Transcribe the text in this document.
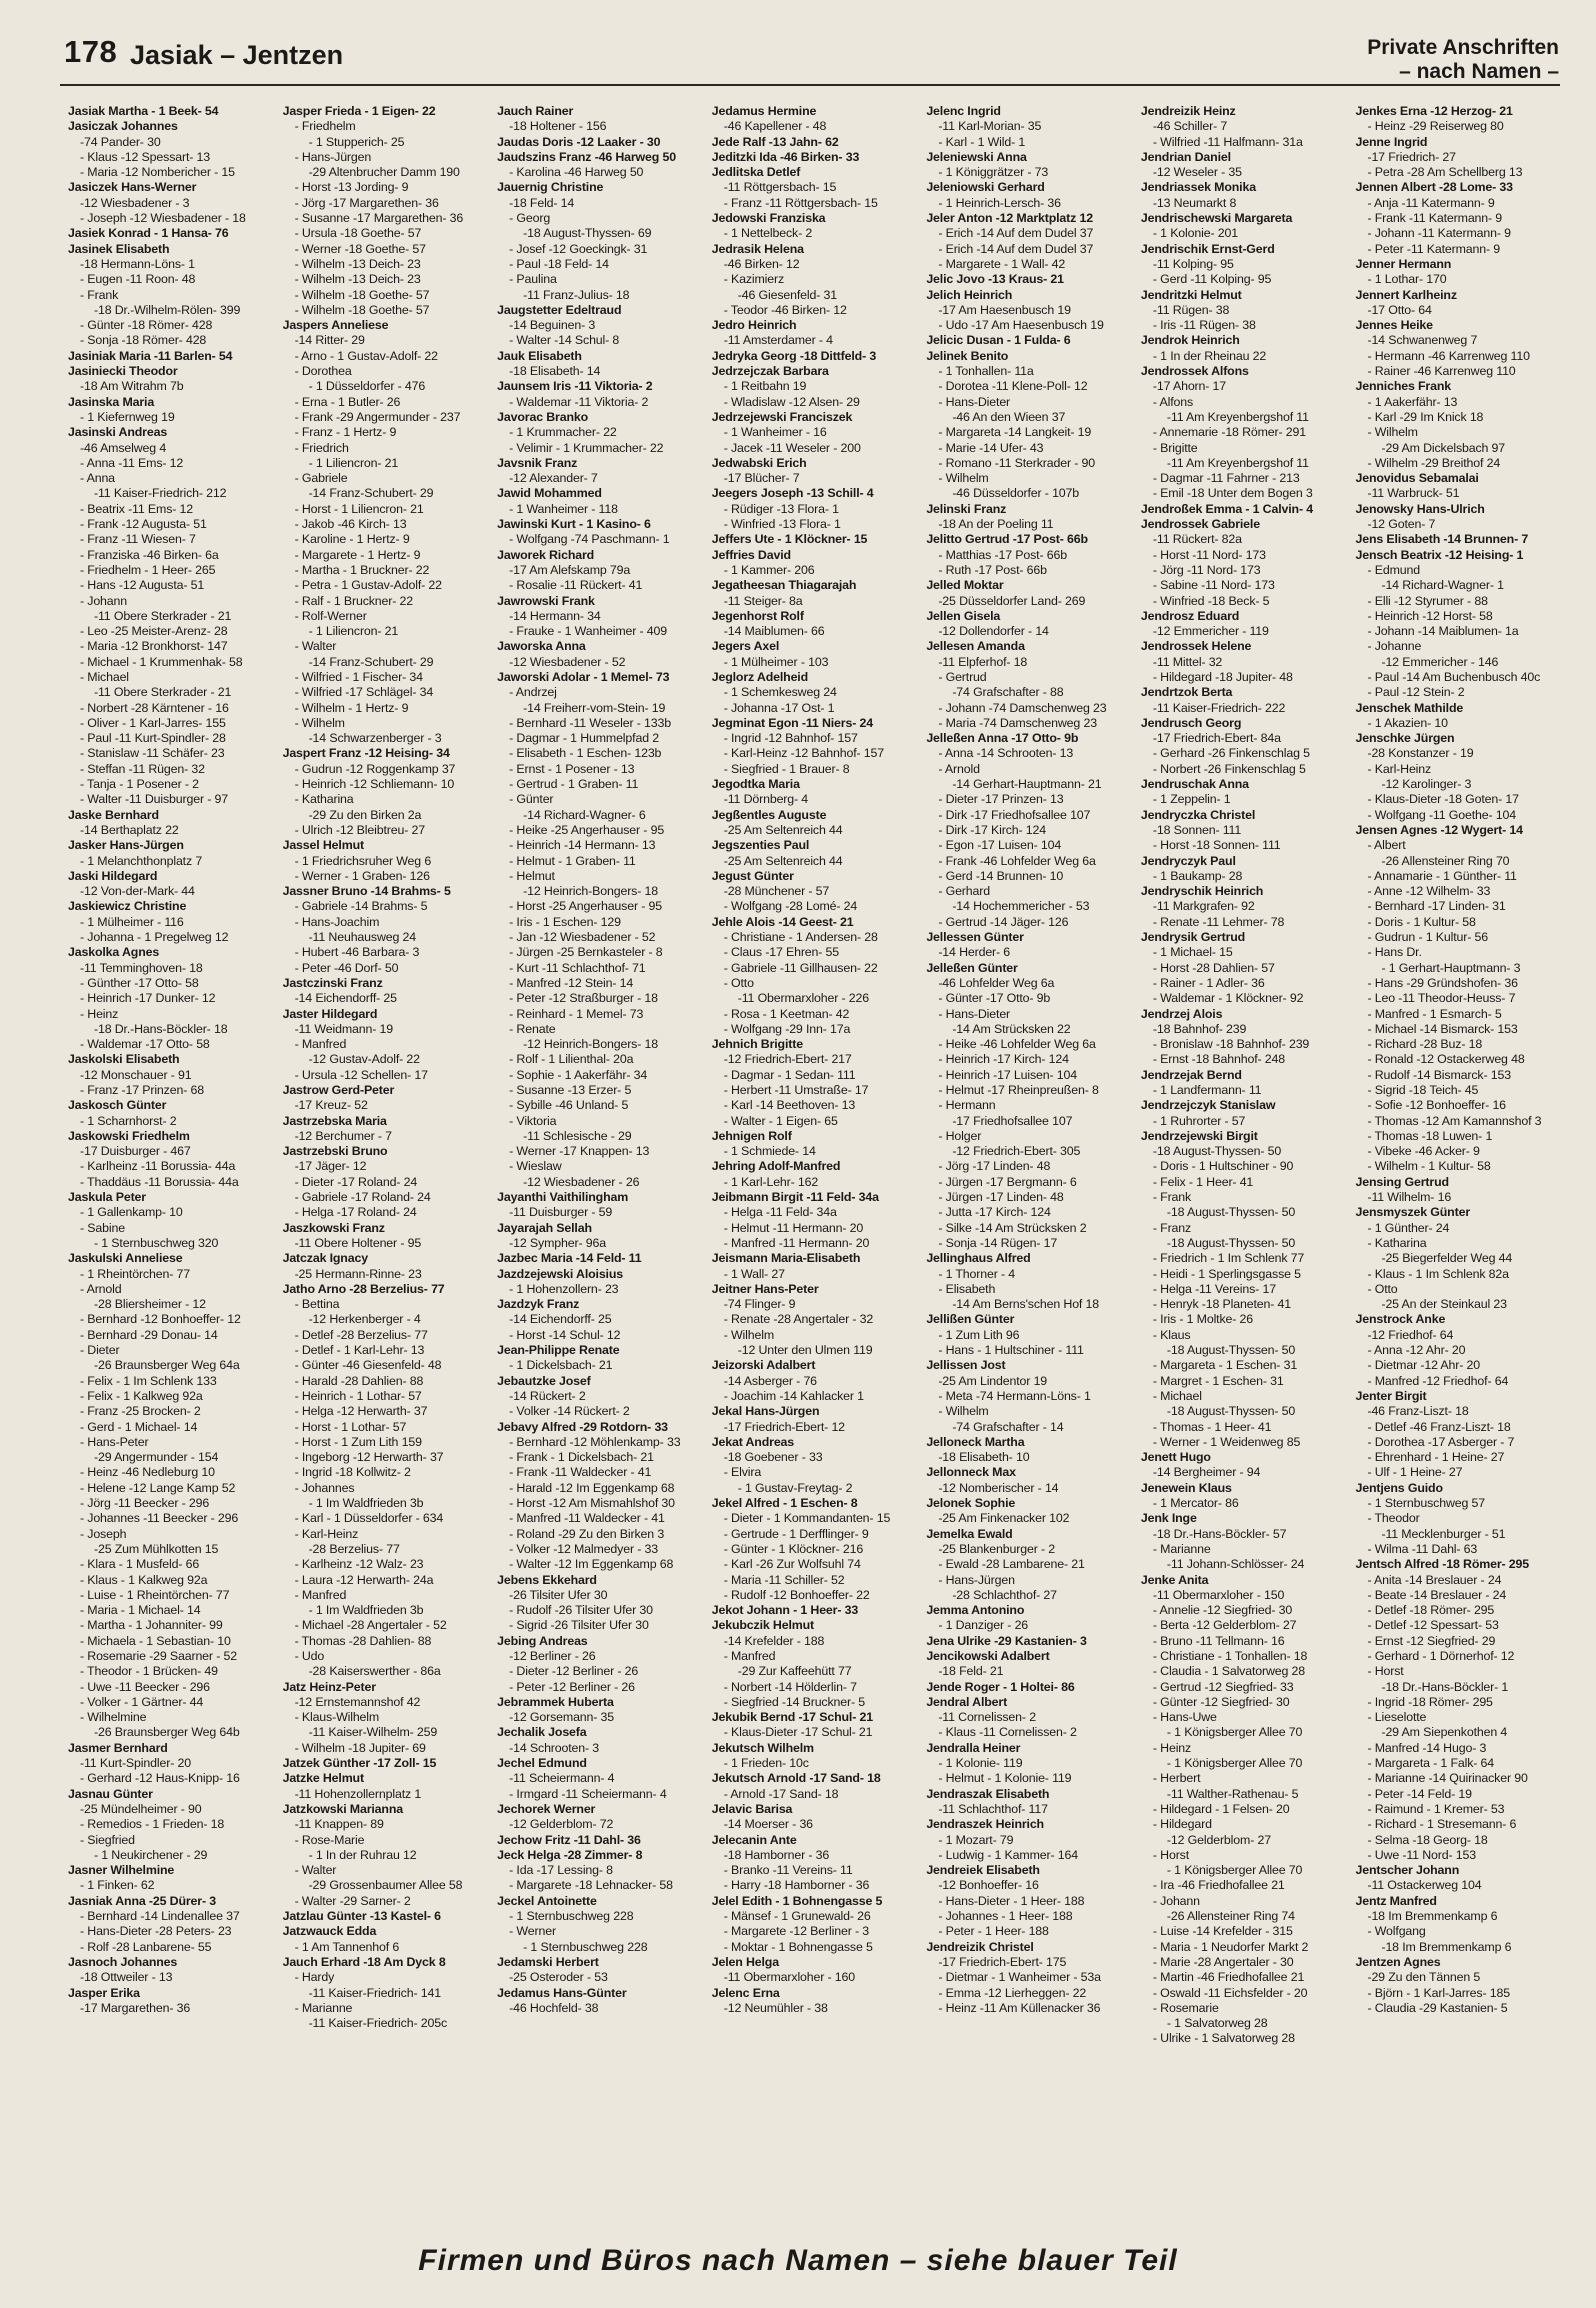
178 Jasiak – Jentzen	Private Anschriften
– nach Namen –
Jasiak Martha - 1 Beek- 54
Jasiczak Johannes
-74 Pander- 30
- Klaus -12 Spessart- 13
- Maria -12 Nombericher - 15
Jasiczek Hans-Werner
-12 Wiesbadener - 3
- Joseph -12 Wiesbadener - 18
Jasiek Konrad - 1 Hansa- 76
Jasinek Elisabeth
-18 Hermann-Löns- 1
- Eugen -11 Roon- 48
- Frank
-18 Dr.-Wilhelm-Rölen- 399
- Günter -18 Römer- 428
- Sonja -18 Römer- 428
Jasiniak Maria -11 Barlen- 54
Jasiniecki Theodor
-18 Am Witrahm 7b
Jasinska Maria
- 1 Kiefernweg 19
Jasinski Andreas
-46 Amselweg 4
- Anna -11 Ems- 12
- Anna
-11 Kaiser-Friedrich- 212
- Beatrix -11 Ems- 12
- Frank -12 Augusta- 51
- Franz -11 Wiesen- 7
- Franziska -46 Birken- 6a
- Friedhelm - 1 Heer- 265
- Hans -12 Augusta- 51
- Johann
-11 Obere Sterkrader - 21
- Leo -25 Meister-Arenz- 28
- Maria -12 Bronkhorst- 147
- Michael - 1 Krummenhak- 58
- Michael
-11 Obere Sterkrader - 21
- Norbert -28 Kärntener - 16
- Oliver - 1 Karl-Jarres- 155
- Paul -11 Kurt-Spindler- 28
- Stanislaw -11 Schäfer- 23
- Steffan -11 Rügen- 32
- Tanja - 1 Posener - 2
- Walter -11 Duisburger - 97
Jaske Bernhard
-14 Berthaplatz 22
Jasker Hans-Jürgen
- 1 Melanchthonplatz 7
Jaski Hildegard
-12 Von-der-Mark- 44
Jaskiewicz Christine
- 1 Mülheimer - 116
- Johanna - 1 Pregelweg 12
Jaskolka Agnes
-11 Temminghoven- 18
- Günther -17 Otto- 58
- Heinrich -17 Dunker- 12
- Heinz
-18 Dr.-Hans-Böckler- 18
- Waldemar -17 Otto- 58
Jaskolski Elisabeth
-12 Monschauer - 91
- Franz -17 Prinzen- 68
Jaskosch Günter
- 1 Scharnhorst- 2
Jaskowski Friedhelm
-17 Duisburger - 467
- Karlheinz -11 Borussia- 44a
- Thaddäus -11 Borussia- 44a
Jaskula Peter
- 1 Gallenkamp- 10
- Sabine
- 1 Sternbuschweg 320
Jaskulski Anneliese
- 1 Rheintörchen- 77
- Arnold
-28 Bliersheimer - 12
- Bernhard -12 Bonhoeffer- 12
- Bernhard -29 Donau- 14
- Dieter
-26 Braunsberger Weg 64a
- Felix - 1 Im Schlenk 133
- Felix - 1 Kalkweg 92a
- Franz -25 Brocken- 2
- Gerd - 1 Michael- 14
- Hans-Peter
-29 Angermunder - 154
- Heinz -46 Nedleburg 10
- Helene -12 Lange Kamp 52
- Jörg -11 Beecker - 296
- Johannes -11 Beecker - 296
- Joseph
-25 Zum Mühlkotten 15
- Klara - 1 Musfeld- 66
- Klaus - 1 Kalkweg 92a
- Luise - 1 Rheintörchen- 77
- Maria - 1 Michael- 14
- Martha - 1 Johanniter- 99
- Michaela - 1 Sebastian- 10
- Rosemarie -29 Saarner - 52
- Theodor - 1 Brücken- 49
- Uwe -11 Beecker - 296
- Volker - 1 Gärtner- 44
- Wilhelmine
-26 Braunsberger Weg 64b
Jasmer Bernhard
-11 Kurt-Spindler- 20
- Gerhard -12 Haus-Knipp- 16
Jasnau Günter
-25 Mündelheimer - 90
- Remedios - 1 Frieden- 18
- Siegfried
- 1 Neukirchener - 29
Jasner Wilhelmine
- 1 Finken- 62
Jasniak Anna -25 Dürer- 3
- Bernhard -14 Lindenallee 37
- Hans-Dieter -28 Peters- 23
- Rolf -28 Lanbarene- 55
Jasnoch Johannes
-18 Ottweiler - 13
Jasper Erika
-17 Margarethen- 36
Jasper Frieda - 1 Eigen- 22
- Friedhelm
- 1 Stupperich- 25
- Hans-Jürgen
-29 Altenbrucher Damm 190
- Horst -13 Jording- 9
- Jörg -17 Margarethen- 36
- Susanne -17 Margarethen- 36
- Ursula -18 Goethe- 57
- Werner -18 Goethe- 57
- Wilhelm -13 Deich- 23
- Wilhelm -13 Deich- 23
- Wilhelm -18 Goethe- 57
- Wilhelm -18 Goethe- 57
Jaspers Anneliese
-14 Ritter- 29
- Arno - 1 Gustav-Adolf- 22
- Dorothea
- 1 Düsseldorfer - 476
- Erna - 1 Butler- 26
- Frank -29 Angermunder - 237
- Franz - 1 Hertz- 9
- Friedrich
- 1 Liliencron- 21
- Gabriele
-14 Franz-Schubert- 29
- Horst - 1 Liliencron- 21
- Jakob -46 Kirch- 13
- Karoline - 1 Hertz- 9
- Margarete - 1 Hertz- 9
- Martha - 1 Bruckner- 22
- Petra - 1 Gustav-Adolf- 22
- Ralf - 1 Bruckner- 22
- Rolf-Werner
- 1 Liliencron- 21
- Walter
-14 Franz-Schubert- 29
- Wilfried - 1 Fischer- 34
- Wilfried -17 Schlägel- 34
- Wilhelm - 1 Hertz- 9
- Wilhelm
-14 Schwarzenberger - 3
Jaspert Franz -12 Heising- 34
- Gudrun -12 Roggenkamp 37
- Heinrich -12 Schliemann- 10
- Katharina
-29 Zu den Birken 2a
- Ulrich -12 Bleibtreu- 27
Jassel Helmut
- 1 Friedrichsruher Weg 6
- Werner - 1 Graben- 126
Jassner Bruno -14 Brahms- 5
- Gabriele -14 Brahms- 5
- Hans-Joachim
-11 Neuhausweg 24
- Hubert -46 Barbara- 3
- Peter -46 Dorf- 50
Jastczinski Franz
-14 Eichendorff- 25
Jaster Hildegard
-11 Weidmann- 19
- Manfred
-12 Gustav-Adolf- 22
- Ursula -12 Schellen- 17
Jastrow Gerd-Peter
-17 Kreuz- 52
Jastrzebska Maria
-12 Berchumer - 7
Jastrzebski Bruno
-17 Jäger- 12
- Dieter -17 Roland- 24
- Gabriele -17 Roland- 24
- Helga -17 Roland- 24
Jaszkowski Franz
-11 Obere Holtener - 95
Jatczak Ignacy
-25 Hermann-Rinne- 23
Jatho Arno -28 Berzelius- 77
- Bettina
-12 Herkenberger - 4
- Detlef -28 Berzelius- 77
- Detlef - 1 Karl-Lehr- 13
- Günter -46 Giesenfeld- 48
- Harald -28 Dahlien- 88
- Heinrich - 1 Lothar- 57
- Helga -12 Herwarth- 37
- Horst - 1 Lothar- 57
- Horst - 1 Zum Lith 159
- Ingeborg -12 Herwarth- 37
- Ingrid -18 Kollwitz- 2
- Johannes
- 1 Im Waldfrieden 3b
- Karl - 1 Düsseldorfer - 634
- Karl-Heinz
-28 Berzelius- 77
- Karlheinz -12 Walz- 23
- Laura -12 Herwarth- 24a
- Manfred
- 1 Im Waldfrieden 3b
- Michael -28 Angertaler - 52
- Thomas -28 Dahlien- 88
- Udo
-28 Kaiserswerther - 86a
Jatz Heinz-Peter
-12 Ernstemannshof 42
- Klaus-Wilhelm
-11 Kaiser-Wilhelm- 259
- Wilhelm -18 Jupiter- 69
Jatzek Günther -17 Zoll- 15
Jatzke Helmut
-11 Hohenzollernplatz 1
Jatzkowski Marianna
-11 Knappen- 89
- Rose-Marie
- 1 In der Ruhrau 12
- Walter
-29 Grossenbaumer Allee 58
- Walter -29 Sarner- 2
Jatzlau Günter -13 Kastel- 6
Jatzwauck Edda
- 1 Am Tannenhof 6
Jauch Erhard -18 Am Dyck 8
- Hardy
-11 Kaiser-Friedrich- 141
- Marianne
-11 Kaiser-Friedrich- 205c
Jauch Rainer
-18 Holtener - 156
Jaudas Doris -12 Laaker - 30
Jaudszins Franz -46 Harweg 50
- Karolina -46 Harweg 50
Jauernig Christine
-18 Feld- 14
- Georg
-18 August-Thyssen- 69
- Josef -12 Goeckingk- 31
- Paul -18 Feld- 14
- Paulina
-11 Franz-Julius- 18
Jaugstetter Edeltraud
-14 Beguinen- 3
- Walter -14 Schul- 8
Jauk Elisabeth
-18 Elisabeth- 14
Jaunsem Iris -11 Viktoria- 2
- Waldemar -11 Viktoria- 2
Javorac Branko
- 1 Krummacher- 22
- Velimir - 1 Krummacher- 22
Javsnik Franz
-12 Alexander- 7
Jawid Mohammed
- 1 Wanheimer - 118
Jawinski Kurt - 1 Kasino- 6
- Wolfgang -74 Paschmann- 1
Jaworek Richard
-17 Am Alefskamp 79a
- Rosalie -11 Rückert- 41
Jawrowski Frank
-14 Hermann- 34
- Frauke - 1 Wanheimer - 409
Jaworska Anna
-12 Wiesbadener - 52
Jaworski Adolar - 1 Memel- 73
- Andrzej
-14 Freiherr-vom-Stein- 19
- Bernhard -11 Weseler - 133b
- Dagmar - 1 Hummelpfad 2
- Elisabeth - 1 Eschen- 123b
- Ernst - 1 Posener - 13
- Gertrud - 1 Graben- 11
- Günter
-14 Richard-Wagner- 6
- Heike -25 Angerhauser - 95
- Heinrich -14 Hermann- 13
- Helmut - 1 Graben- 11
- Helmut
-12 Heinrich-Bongers- 18
- Horst -25 Angerhauser - 95
- Iris - 1 Eschen- 129
- Jan -12 Wiesbadener - 52
- Jürgen -25 Bernkasteler - 8
- Kurt -11 Schlachthof- 71
- Manfred -12 Stein- 14
- Peter -12 Straßburger - 18
- Reinhard - 1 Memel- 73
- Renate
-12 Heinrich-Bongers- 18
- Rolf - 1 Lilienthal- 20a
- Sophie - 1 Aakerfähr- 34
- Susanne -13 Erzer- 5
- Sybille -46 Unland- 5
- Viktoria
-11 Schlesische - 29
- Werner -17 Knappen- 13
- Wieslaw
-12 Wiesbadener - 26
Jayanthi Vaithilingham
-11 Duisburger - 59
Jayarajah Sellah
-12 Sympher- 96a
Jazbec Maria -14 Feld- 11
Jazdzejewski Aloisius
- 1 Hohenzollern- 23
Jazdzyk Franz
-14 Eichendorff- 25
- Horst -14 Schul- 12
Jean-Philippe Renate
- 1 Dickelsbach- 21
Jebautzke Josef
-14 Rückert- 2
- Volker -14 Rückert- 2
Jebavy Alfred -29 Rotdorn- 33
- Bernhard -12 Möhlenkamp- 33
- Frank - 1 Dickelsbach- 21
- Frank -11 Waldecker - 41
- Harald -12 Im Eggenkamp 68
- Horst -12 Am Mismahlshof 30
- Manfred -11 Waldecker - 41
- Roland -29 Zu den Birken 3
- Volker -12 Malmedyer - 33
- Walter -12 Im Eggenkamp 68
Jebens Ekkehard
-26 Tilsiter Ufer 30
- Rudolf -26 Tilsiter Ufer 30
- Sigrid -26 Tilsiter Ufer 30
Jebing Andreas
-12 Berliner - 26
- Dieter -12 Berliner - 26
- Peter -12 Berliner - 26
Jebrammek Huberta
-12 Gorsemann- 35
Jechalik Josefa
-14 Schrooten- 3
Jechel Edmund
-11 Scheiermann- 4
- Irmgard -11 Scheiermann- 4
Jechorek Werner
-12 Gelderblom- 72
Jechow Fritz -11 Dahl- 36
Jeck Helga -28 Zimmer- 8
- Ida -17 Lessing- 8
- Margarete -18 Lehnacker- 58
Jeckel Antoinette
- 1 Sternbuschweg 228
- Werner
- 1 Sternbuschweg 228
Jedamski Herbert
-25 Osteroder - 53
Jedamus Hans-Günter
-46 Hochfeld- 38
Jedamus Hermine
-46 Kapellener - 48
Jede Ralf -13 Jahn- 62
Jeditzki Ida -46 Birken- 33
Jedlitska Detlef
-11 Röttgersbach- 15
- Franz -11 Röttgersbach- 15
Jedowski Franziska
- 1 Nettelbeck- 2
Jedrasik Helena
-46 Birken- 12
- Kazimierz
-46 Giesenfeld- 31
- Teodor -46 Birken- 12
Jedro Heinrich
-11 Amsterdamer - 4
Jedryka Georg -18 Dittfeld- 3
Jedrzejczak Barbara
- 1 Reitbahn 19
- Wladislaw -12 Alsen- 29
Jedrzejewski Franciszek
- 1 Wanheimer - 16
- Jacek -11 Weseler - 200
Jedwabski Erich
-17 Blücher- 7
Jeegers Joseph -13 Schill- 4
- Rüdiger -13 Flora- 1
- Winfried -13 Flora- 1
Jeffers Ute - 1 Klöckner- 15
Jeffries David
- 1 Kammer- 206
Jegatheesan Thiagarajah
-11 Steiger- 8a
Jegenhorst Rolf
-14 Maiblumen- 66
Jegers Axel
- 1 Mülheimer - 103
Jeglorz Adelheid
- 1 Schemkesweg 24
- Johanna -17 Ost- 1
Jegminat Egon -11 Niers- 24
- Ingrid -12 Bahnhof- 157
- Karl-Heinz -12 Bahnhof- 157
- Siegfried - 1 Brauer- 8
Jegodtka Maria
-11 Dörnberg- 4
Jegßentles Auguste
-25 Am Seltenreich 44
Jegszenties Paul
-25 Am Seltenreich 44
Jegust Günter
-28 Münchener - 57
- Wolfgang -28 Lomé- 24
Jehle Alois -14 Geest- 21
- Christiane - 1 Andersen- 28
- Claus -17 Ehren- 55
- Gabriele -11 Gillhausen- 22
- Otto
-11 Obermarxloher - 226
- Rosa - 1 Keetman- 42
- Wolfgang -29 Inn- 17a
Jehnich Brigitte
-12 Friedrich-Ebert- 217
- Dagmar - 1 Sedan- 111
- Herbert -11 Umstraße- 17
- Karl -14 Beethoven- 13
- Walter - 1 Eigen- 65
Jehnigen Rolf
- 1 Schmiede- 14
Jehring Adolf-Manfred
- 1 Karl-Lehr- 162
Jeibmann Birgit -11 Feld- 34a
- Helga -11 Feld- 34a
- Helmut -11 Hermann- 20
- Manfred -11 Hermann- 20
Jeismann Maria-Elisabeth
- 1 Wall- 27
Jeitner Hans-Peter
-74 Flinger- 9
- Renate -28 Angertaler - 32
- Wilhelm
-12 Unter den Ulmen 119
Jeizorski Adalbert
-14 Asberger - 76
- Joachim -14 Kahlacker 1
Jekal Hans-Jürgen
-17 Friedrich-Ebert- 12
Jekat Andreas
-18 Goebener - 33
- Elvira
- 1 Gustav-Freytag- 2
Jekel Alfred - 1 Eschen- 8
- Dieter - 1 Kommandanten- 15
- Gertrude - 1 Derfflinger- 9
- Günter - 1 Klöckner- 216
- Karl -26 Zur Wolfsuhl 74
- Maria -11 Schiller- 52
- Rudolf -12 Bonhoeffer- 22
Jekot Johann - 1 Heer- 33
Jekubczik Helmut
-14 Krefelder - 188
- Manfred
-29 Zur Kaffeehütt 77
- Norbert -14 Hölderlin- 7
- Siegfried -14 Bruckner- 5
Jekubik Bernd -17 Schul- 21
- Klaus-Dieter -17 Schul- 21
Jekutsch Wilhelm
- 1 Frieden- 10c
Jekutsch Arnold -17 Sand- 18
- Arnold -17 Sand- 18
Jelavic Barisa
-14 Moerser - 36
Jelecanin Ante
-18 Hamborner - 36
- Branko -11 Vereins- 11
- Harry -18 Hamborner - 36
Jelel Edith - 1 Bohnengasse 5
- Mänsef - 1 Grunewald- 26
- Margarete -12 Berliner - 3
- Moktar - 1 Bohnengasse 5
Jelen Helga
-11 Obermarxloher - 160
Jelenc Erna
-12 Neumühler - 38
Jelenc Ingrid
-11 Karl-Morian- 35
- Karl - 1 Wild- 1
Jeleniewski Anna
- 1 Königgrätzer - 73
Jeleniowski Gerhard
- 1 Heinrich-Lersch- 36
Jeler Anton -12 Marktplatz 12
- Erich -14 Auf dem Dudel 37
- Erich -14 Auf dem Dudel 37
- Margarete - 1 Wall- 42
Jelic Jovo -13 Kraus- 21
Jelich Heinrich
-17 Am Haesenbusch 19
- Udo -17 Am Haesenbusch 19
Jelicic Dusan - 1 Fulda- 6
Jelinek Benito
- 1 Tonhallen- 11a
- Dorotea -11 Klene-Poll- 12
- Hans-Dieter
-46 An den Wieen 37
- Margareta -14 Langkeit- 19
- Marie -14 Ufer- 43
- Romano -11 Sterkrader - 90
- Wilhelm
-46 Düsseldorfer - 107b
Jelinski Franz
-18 An der Poeling 11
Jelitto Gertrud -17 Post- 66b
- Matthias -17 Post- 66b
- Ruth -17 Post- 66b
Jelled Moktar
-25 Düsseldorfer Land- 269
Jellen Gisela
-12 Dollendorfer - 14
Jellesen Amanda
-11 Elpferhof- 18
- Gertrud
-74 Grafschafter - 88
- Johann -74 Damschenweg 23
- Maria -74 Damschenweg 23
Jelleßen Anna -17 Otto- 9b
- Anna -14 Schrooten- 13
- Arnold
-14 Gerhart-Hauptmann- 21
- Dieter -17 Prinzen- 13
- Dirk -17 Friedhofsallee 107
- Dirk -17 Kirch- 124
- Egon -17 Luisen- 104
- Frank -46 Lohfelder Weg 6a
- Gerd -14 Brunnen- 10
- Gerhard
-14 Hochemmericher - 53
- Gertrud -14 Jäger- 126
Jellessen Günter
-14 Herder- 6
Jelleßen Günter
-46 Lohfelder Weg 6a
- Günter -17 Otto- 9b
- Hans-Dieter
-14 Am Strücksken 22
- Heike -46 Lohfelder Weg 6a
- Heinrich -17 Kirch- 124
- Heinrich -17 Luisen- 104
- Helmut -17 Rheinpreußen- 8
- Hermann
-17 Friedhofsallee 107
- Holger
-12 Friedrich-Ebert- 305
- Jörg -17 Linden- 48
- Jürgen -17 Bergmann- 6
- Jürgen -17 Linden- 48
- Jutta -17 Kirch- 124
- Silke -14 Am Strücksken 2
- Sonja -14 Rügen- 17
Jellinghaus Alfred
- 1 Thorner - 4
- Elisabeth
-14 Am Berns'schen Hof 18
Jellißen Günter
- 1 Zum Lith 96
- Hans - 1 Hultschiner - 111
Jellissen Jost
-25 Am Lindentor 19
- Meta -74 Hermann-Löns- 1
- Wilhelm
-74 Grafschafter - 14
Jelloneck Martha
-18 Elisabeth- 10
Jellonneck Max
-12 Nomberischer - 14
Jelonek Sophie
-25 Am Finkenacker 102
Jemelka Ewald
-25 Blankenburger - 2
- Ewald -28 Lambarene- 21
- Hans-Jürgen
-28 Schlachthof- 27
Jemma Antonino
- 1 Danziger - 26
Jena Ulrike -29 Kastanien- 3
Jencikowski Adalbert
-18 Feld- 21
Jende Roger - 1 Holtei- 86
Jendral Albert
-11 Cornelissen- 2
- Klaus -11 Cornelissen- 2
Jendralla Heiner
- 1 Kolonie- 119
- Helmut - 1 Kolonie- 119
Jendraszak Elisabeth
-11 Schlachthof- 117
Jendraszek Heinrich
- 1 Mozart- 79
- Ludwig - 1 Kammer- 164
Jendreiek Elisabeth
-12 Bonhoeffer- 16
- Hans-Dieter - 1 Heer- 188
- Johannes - 1 Heer- 188
- Peter - 1 Heer- 188
Jendreizik Christel
-17 Friedrich-Ebert- 175
- Dietmar - 1 Wanheimer - 53a
- Emma -12 Lierheggen- 22
- Heinz -11 Am Küllenacker 36
Jendreizik Heinz
-46 Schiller- 7
- Wilfried -11 Halfmann- 31a
Jendrian Daniel
-12 Weseler - 35
Jendriassek Monika
-13 Neumarkt 8
Jendrischewski Margareta
- 1 Kolonie- 201
Jendrischik Ernst-Gerd
-11 Kolping- 95
- Gerd -11 Kolping- 95
Jendritzki Helmut
-11 Rügen- 38
- Iris -11 Rügen- 38
Jendrok Heinrich
- 1 In der Rheinau 22
Jendrossek Alfons
-17 Ahorn- 17
- Alfons
-11 Am Kreyenbergshof 11
- Annemarie -18 Römer- 291
- Brigitte
-11 Am Kreyenbergshof 11
- Dagmar -11 Fahrner - 213
- Emil -18 Unter dem Bogen 3
Jendroßek Emma - 1 Calvin- 4
Jendrossek Gabriele
-11 Rückert- 82a
- Horst -11 Nord- 173
- Jörg -11 Nord- 173
- Sabine -11 Nord- 173
- Winfried -18 Beck- 5
Jendrosz Eduard
-12 Emmericher - 119
Jendrossek Helene
-11 Mittel- 32
- Hildegard -18 Jupiter- 48
Jendrtzok Berta
-11 Kaiser-Friedrich- 222
Jendrusch Georg
-17 Friedrich-Ebert- 84a
- Gerhard -26 Finkenschlag 5
- Norbert -26 Finkenschlag 5
Jendruschak Anna
- 1 Zeppelin- 1
Jendryczka Christel
-18 Sonnen- 111
- Horst -18 Sonnen- 111
Jendryczyk Paul
- 1 Baukamp- 28
Jendryschik Heinrich
-11 Markgrafen- 92
- Renate -11 Lehmer- 78
Jendrysik Gertrud
- 1 Michael- 15
- Horst -28 Dahlien- 57
- Rainer - 1 Adler- 36
- Waldemar - 1 Klöckner- 92
Jendrzej Alois
-18 Bahnhof- 239
- Bronislaw -18 Bahnhof- 239
- Ernst -18 Bahnhof- 248
Jendrzejak Bernd
- 1 Landfermann- 11
Jendrzejczyk Stanislaw
- 1 Ruhrorter - 57
Jendrzejewski Birgit
-18 August-Thyssen- 50
- Doris - 1 Hultschiner - 90
- Felix - 1 Heer- 41
- Frank
-18 August-Thyssen- 50
- Franz
-18 August-Thyssen- 50
- Friedrich - 1 Im Schlenk 77
- Heidi - 1 Sperlingsgasse 5
- Helga -11 Vereins- 17
- Henryk -18 Planeten- 41
- Iris - 1 Moltke- 26
- Klaus
-18 August-Thyssen- 50
- Margareta - 1 Eschen- 31
- Margret - 1 Eschen- 31
- Michael
-18 August-Thyssen- 50
- Thomas - 1 Heer- 41
- Werner - 1 Weidenweg 85
Jenett Hugo
-14 Bergheimer - 94
Jenewein Klaus
- 1 Mercator- 86
Jenk Inge
-18 Dr.-Hans-Böckler- 57
- Marianne
-11 Johann-Schlösser- 24
Jenke Anita
-11 Obermarxloher - 150
- Annelie -12 Siegfried- 30
- Berta -12 Gelderblom- 27
- Bruno -11 Tellmann- 16
- Christiane - 1 Tonhallen- 18
- Claudia - 1 Salvatorweg 28
- Gertrud -12 Siegfried- 33
- Günter -12 Siegfried- 30
- Hans-Uwe
- 1 Königsberger Allee 70
- Heinz
- 1 Königsberger Allee 70
- Herbert
-11 Walther-Rathenau- 5
- Hildegard - 1 Felsen- 20
- Hildegard
-12 Gelderblom- 27
- Horst
- 1 Königsberger Allee 70
- Ira -46 Friedhofallee 21
- Johann
-26 Allensteiner Ring 74
- Luise -14 Krefelder - 315
- Maria - 1 Neudorfer Markt 2
- Marie -28 Angertaler - 30
- Martin -46 Friedhofallee 21
- Oswald -11 Eichsfelder - 20
- Rosemarie
- 1 Salvatorweg 28
- Ulrike - 1 Salvatorweg 28
Jenkes Erna -12 Herzog- 21
- Heinz -29 Reiserweg 80
Jenne Ingrid
-17 Friedrich- 27
- Petra -28 Am Schellberg 13
Jennen Albert -28 Lome- 33
- Anja -11 Katermann- 9
- Frank -11 Katermann- 9
- Johann -11 Katermann- 9
- Peter -11 Katermann- 9
Jenner Hermann
- 1 Lothar- 170
Jennert Karlheinz
-17 Otto- 64
Jennes Heike
-14 Schwanenweg 7
- Hermann -46 Karrenweg 110
- Rainer -46 Karrenweg 110
Jenniches Frank
- 1 Aakerfähr- 13
- Karl -29 Im Knick 18
- Wilhelm
-29 Am Dickelsbach 97
- Wilhelm -29 Breithof 24
Jenovidus Sebamalai
-11 Warbruck- 51
Jenowsky Hans-Ulrich
-12 Goten- 7
Jens Elisabeth -14 Brunnen- 7
Jensch Beatrix -12 Heising- 1
- Edmund
-14 Richard-Wagner- 1
- Elli -12 Styrumer - 88
- Heinrich -12 Horst- 58
- Johann -14 Maiblumen- 1a
- Johanne
-12 Emmericher - 146
- Paul -14 Am Buchenbusch 40c
- Paul -12 Stein- 2
Jenschek Mathilde
- 1 Akazien- 10
Jenschke Jürgen
-28 Konstanzer - 19
- Karl-Heinz
-12 Karolinger- 3
- Klaus-Dieter -18 Goten- 17
- Wolfgang -11 Goethe- 104
Jensen Agnes -12 Wygert- 14
- Albert
-26 Allensteiner Ring 70
- Annamarie - 1 Günther- 11
- Anne -12 Wilhelm- 33
- Bernhard -17 Linden- 31
- Doris - 1 Kultur- 58
- Gudrun - 1 Kultur- 56
- Hans Dr.
- 1 Gerhart-Hauptmann- 3
- Hans -29 Gründshofen- 36
- Leo -11 Theodor-Heuss- 7
- Manfred - 1 Esmarch- 5
- Michael -14 Bismarck- 153
- Richard -28 Buz- 18
- Ronald -12 Ostackerweg 48
- Rudolf -14 Bismarck- 153
- Sigrid -18 Teich- 45
- Sofie -12 Bonhoeffer- 16
- Thomas -12 Am Kamannshof 3
- Thomas -18 Luwen- 1
- Vibeke -46 Acker- 9
- Wilhelm - 1 Kultur- 58
Jensing Gertrud
-11 Wilhelm- 16
Jensmyszek Günter
- 1 Günther- 24
- Katharina
-25 Biegerfelder Weg 44
- Klaus - 1 Im Schlenk 82a
- Otto
-25 An der Steinkaul 23
Jenstrock Anke
-12 Friedhof- 64
- Anna -12 Ahr- 20
- Dietmar -12 Ahr- 20
- Manfred -12 Friedhof- 64
Jenter Birgit
-46 Franz-Liszt- 18
- Detlef -46 Franz-Liszt- 18
- Dorothea -17 Asberger - 7
- Ehrenhard - 1 Heine- 27
- Ulf - 1 Heine- 27
Jentjens Guido
- 1 Sternbuschweg 57
- Theodor
-11 Mecklenburger - 51
- Wilma -11 Dahl- 63
Jentsch Alfred -18 Römer- 295
- Anita -14 Breslauer - 24
- Beate -14 Breslauer - 24
- Detlef -18 Römer- 295
- Detlef -12 Spessart- 53
- Ernst -12 Siegfried- 29
- Gerhard - 1 Dörnerhof- 12
- Horst
-18 Dr.-Hans-Böckler- 1
- Ingrid -18 Römer- 295
- Lieselotte
-29 Am Siepenkothen 4
- Manfred -14 Hugo- 3
- Margareta - 1 Falk- 64
- Marianne -14 Quirinacker 90
- Peter -14 Feld- 19
- Raimund - 1 Kremer- 53
- Richard - 1 Stresemann- 6
- Selma -18 Georg- 18
- Uwe -11 Nord- 153
Jentscher Johann
-11 Ostackerweg 104
Jentz Manfred
-18 Im Bremmenkamp 6
- Wolfgang
-18 Im Bremmenkamp 6
Jentzen Agnes
-29 Zu den Tännen 5
- Björn - 1 Karl-Jarres- 185
- Claudia -29 Kastanien- 5
Firmen und Büros nach Namen – siehe blauer Teil
